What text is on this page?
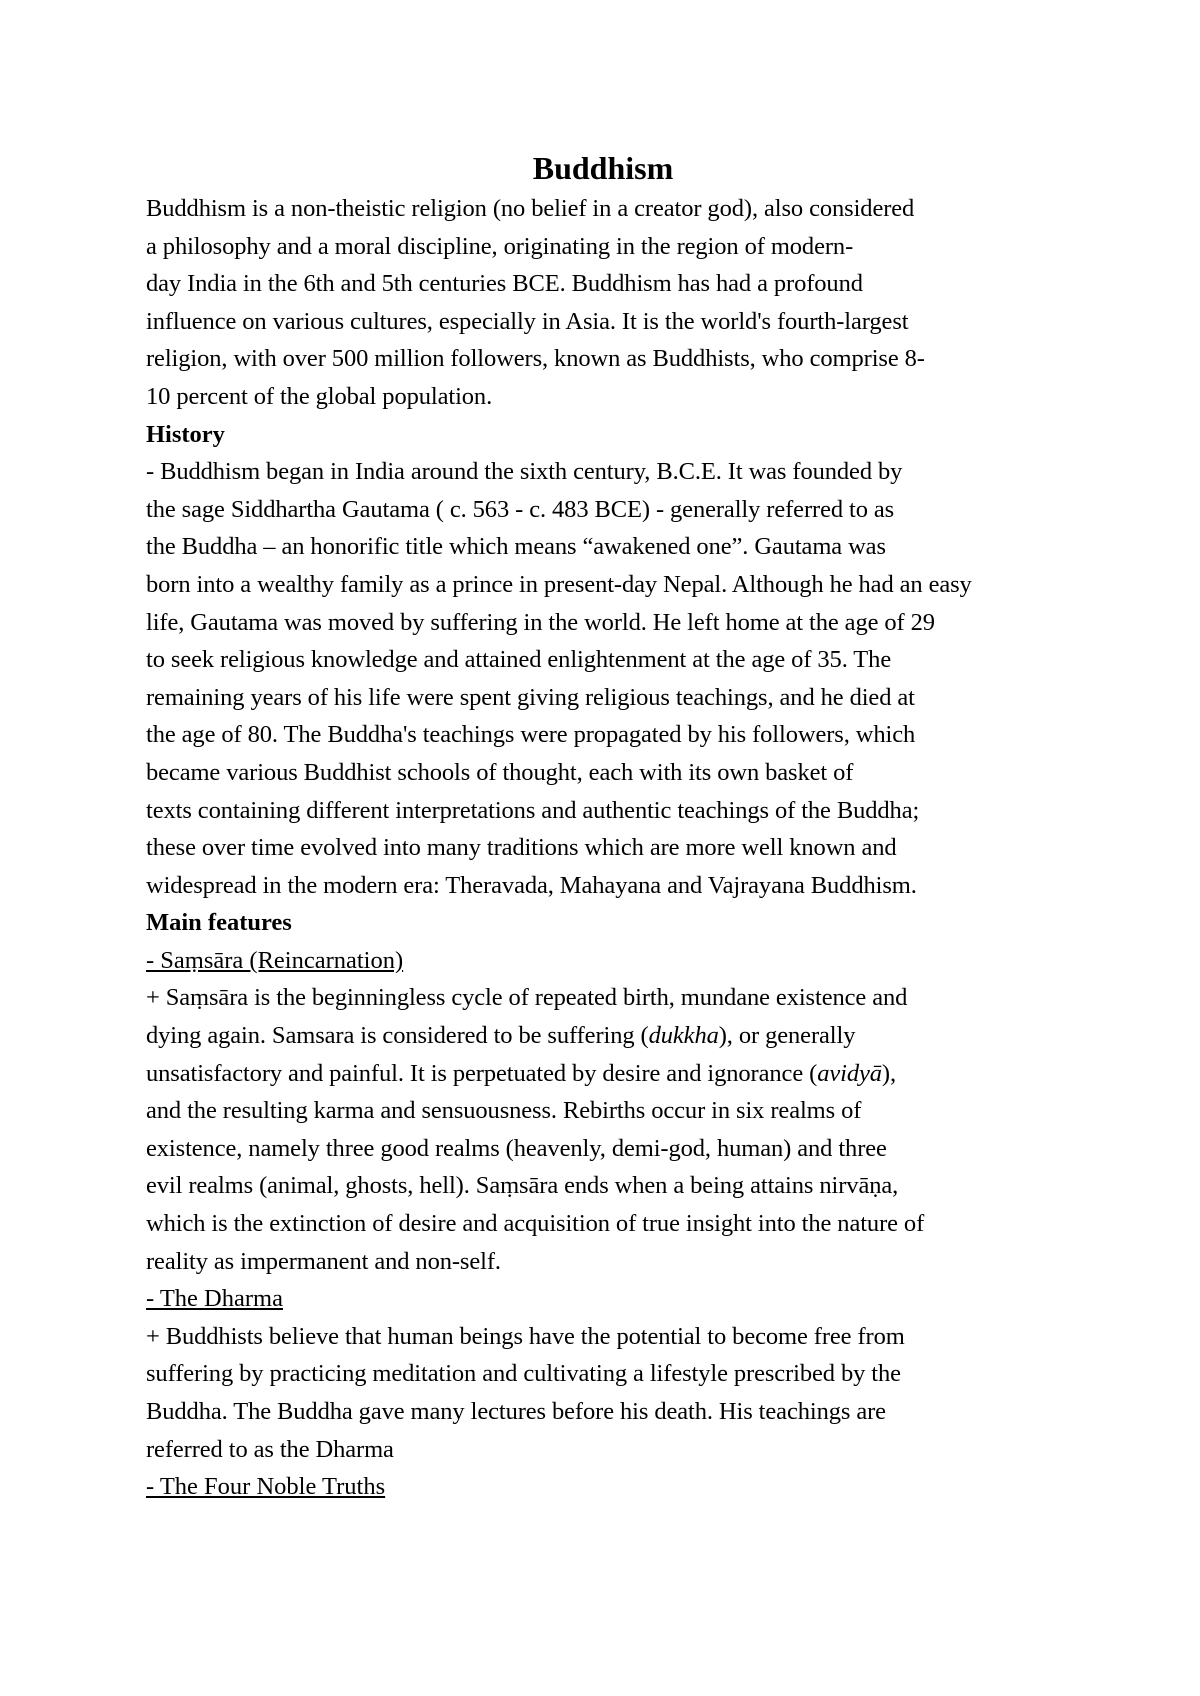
Buddhism
Buddhism is a non-theistic religion (no belief in a creator god), also considered
a philosophy and a moral discipline, originating in the region of modern-
day India in the 6th and 5th centuries BCE. Buddhism has had a profound
influence on various cultures, especially in Asia. It is the world's fourth-largest
religion, with over 500 million followers, known as Buddhists, who comprise 8-
10 percent of the global population.
History
- Buddhism began in India around the sixth century, B.C.E. It was founded by
the sage Siddhartha Gautama ( c. 563 - c. 483 BCE) - generally referred to as
the Buddha – an honorific title which means “awakened one”. Gautama was
born into a wealthy family as a prince in present-day Nepal. Although he had an easy
life, Gautama was moved by suffering in the world. He left home at the age of 29
to seek religious knowledge and attained enlightenment at the age of 35. The
remaining years of his life were spent giving religious teachings, and he died at
the age of 80. The Buddha's teachings were propagated by his followers, which
became various Buddhist schools of thought, each with its own basket of
texts containing different interpretations and authentic teachings of the Buddha;
these over time evolved into many traditions which are more well known and
widespread in the modern era: Theravada, Mahayana and Vajrayana Buddhism.
Main features
- Saṃsāra (Reincarnation)
+ Saṃsāra is the beginningless cycle of repeated birth, mundane existence and
dying again. Samsara is considered to be suffering (dukkha), or generally
unsatisfactory and painful. It is perpetuated by desire and ignorance (avidyā),
and the resulting karma and sensuousness. Rebirths occur in six realms of
existence, namely three good realms (heavenly, demi-god, human) and three
evil realms (animal, ghosts, hell). Saṃsāra ends when a being attains nirvāṇa,
which is the extinction of desire and acquisition of true insight into the nature of
reality as impermanent and non-self.
- The Dharma
+ Buddhists believe that human beings have the potential to become free from
suffering by practicing meditation and cultivating a lifestyle prescribed by the
Buddha. The Buddha gave many lectures before his death. His teachings are
referred to as the Dharma
- The Four Noble Truths
